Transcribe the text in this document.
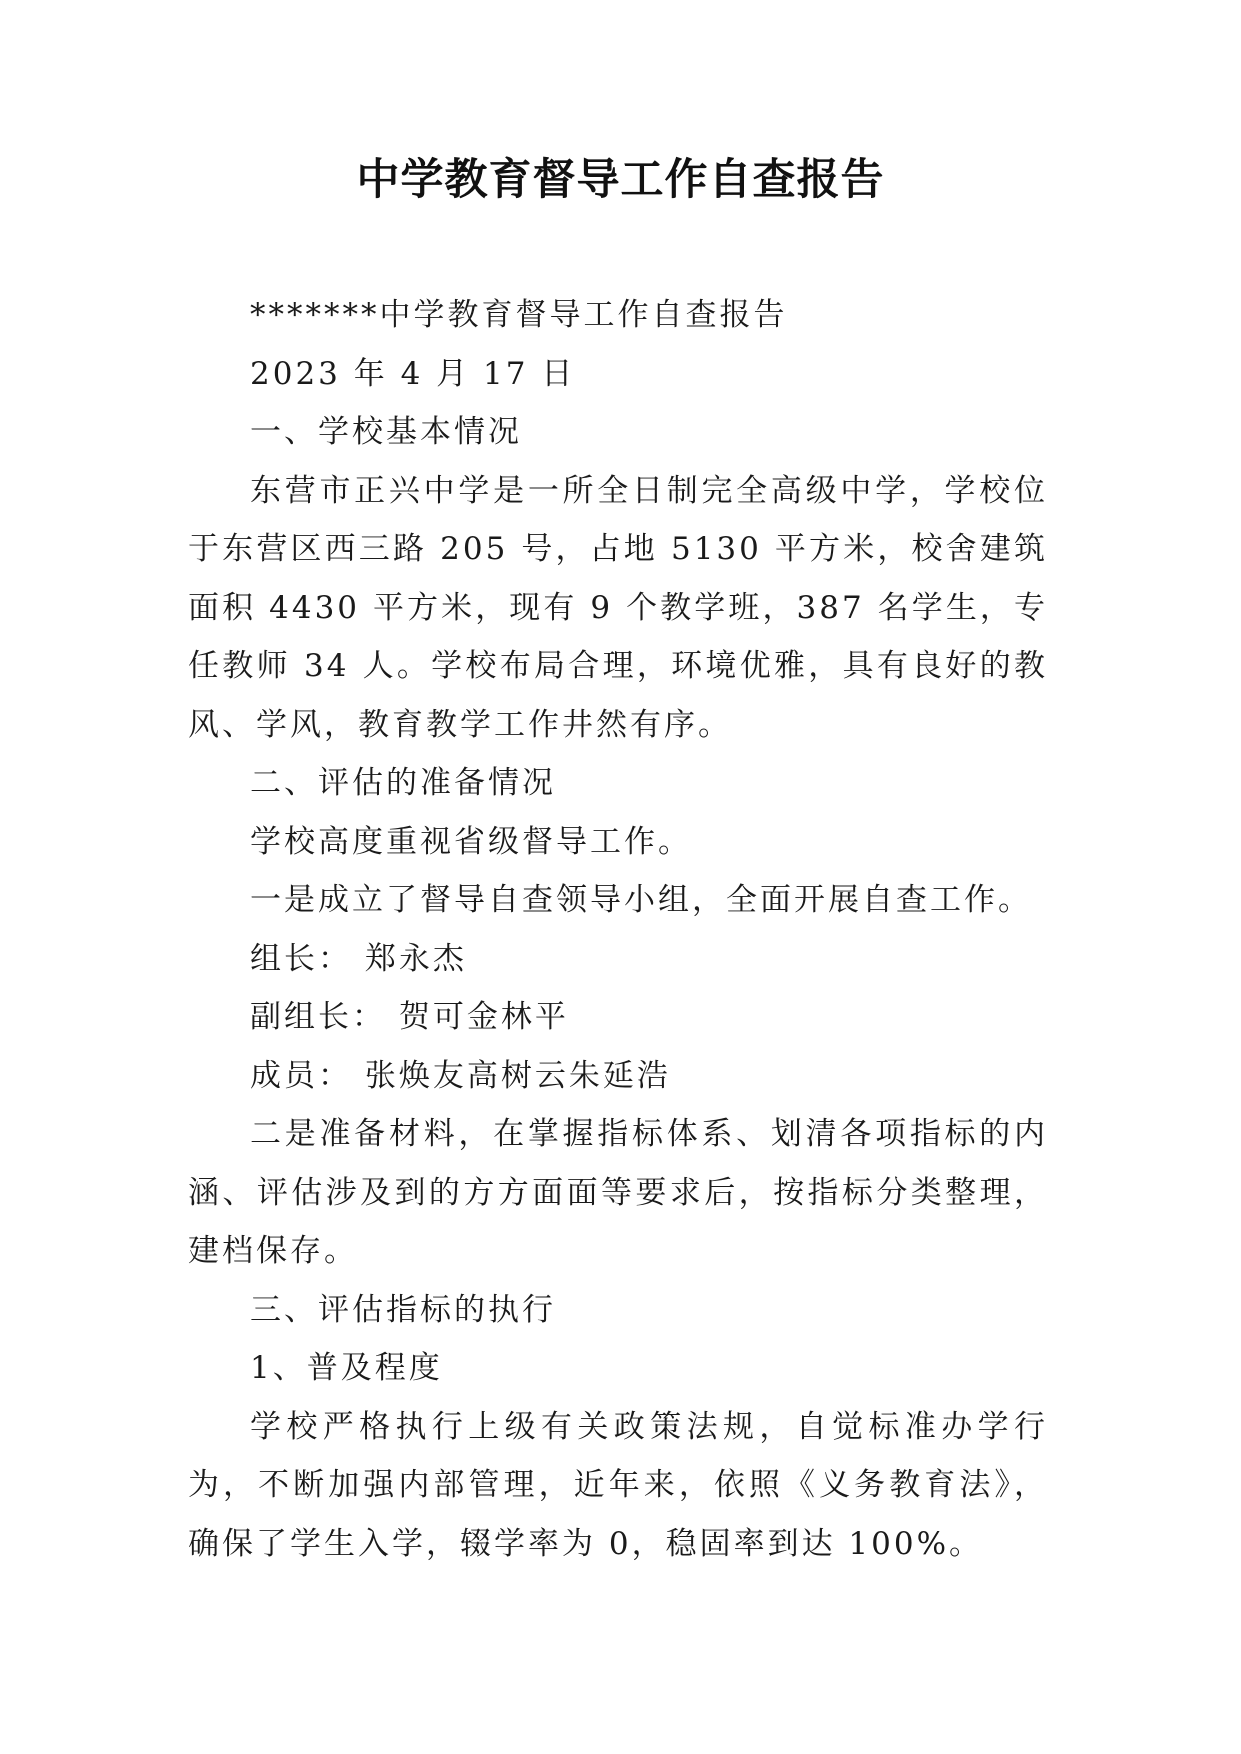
中学教育督导工作自查报告

*******中学教育督导工作自查报告

2023 年 4 月 17 日

一、学校基本情况

东营市正兴中学是一所全日制完全高级中学，学校位于东营区西三路 205 号，占地 5130 平方米，校舍建筑面积 4430 平方米，现有 9 个教学班，387 名学生，专任教师 34 人。学校布局合理，环境优雅，具有良好的教风、学风，教育教学工作井然有序。

二、评估的准备情况

学校高度重视省级督导工作。

一是成立了督导自查领导小组，全面开展自查工作。

组长： 郑永杰

副组长： 贺可金林平

成员： 张焕友高树云朱延浩

二是准备材料，在掌握指标体系、划清各项指标的内涵、评估涉及到的方方面面等要求后，按指标分类整理，建档保存。

三、评估指标的执行

1、普及程度

学校严格执行上级有关政策法规，自觉标准办学行为，不断加强内部管理，近年来，依照《义务教育法》，确保了学生入学，辍学率为 0，稳固率到达 100%。
